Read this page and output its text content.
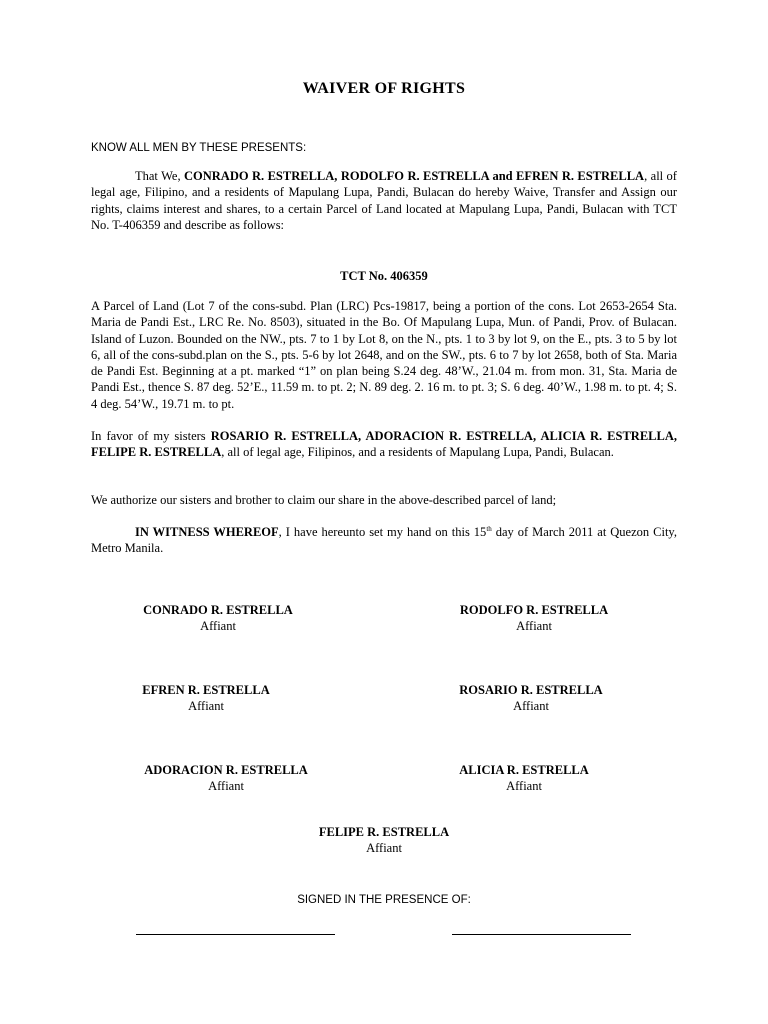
WAIVER OF RIGHTS
KNOW ALL MEN BY THESE PRESENTS:
That We, CONRADO R. ESTRELLA, RODOLFO R. ESTRELLA and EFREN R. ESTRELLA, all of legal age, Filipino, and a residents of Mapulang Lupa, Pandi, Bulacan do hereby Waive, Transfer and Assign our rights, claims interest and shares, to a certain Parcel of Land located at Mapulang Lupa, Pandi, Bulacan with TCT No. T-406359 and describe as follows:
TCT No. 406359
A Parcel of Land (Lot 7 of the cons-subd. Plan (LRC) Pcs-19817, being a portion of the cons. Lot 2653-2654 Sta. Maria de Pandi Est., LRC Re. No. 8503), situated in the Bo. Of Mapulang Lupa, Mun. of Pandi, Prov. of Bulacan. Island of Luzon. Bounded on the NW., pts. 7 to 1 by Lot 8, on the N., pts. 1 to 3 by lot 9, on the E., pts. 3 to 5 by lot 6, all of the cons-subd.plan on the S., pts. 5-6 by lot 2648, and on the SW., pts. 6 to 7 by lot 2658, both of Sta. Maria de Pandi Est. Beginning at a pt. marked “1” on plan being S.24 deg. 48’W., 21.04 m. from mon. 31, Sta. Maria de Pandi Est., thence S. 87 deg. 52’E., 11.59 m. to pt. 2; N. 89 deg. 2. 16 m. to pt. 3; S. 6 deg. 40’W., 1.98 m. to pt. 4; S. 4 deg. 54’W., 19.71 m. to pt.
In favor of my sisters ROSARIO R. ESTRELLA, ADORACION R. ESTRELLA, ALICIA R. ESTRELLA, FELIPE R. ESTRELLA, all of legal age, Filipinos, and a residents of Mapulang Lupa, Pandi, Bulacan.
We authorize our sisters and brother to claim our share in the above-described parcel of land;
IN WITNESS WHEREOF, I have hereunto set my hand on this 15th day of March 2011 at Quezon City, Metro Manila.
CONRADO R. ESTRELLA
Affiant
RODOLFO R. ESTRELLA
Affiant
EFREN R. ESTRELLA
Affiant
ROSARIO R. ESTRELLA
Affiant
ADORACION R. ESTRELLA
Affiant
ALICIA R. ESTRELLA
Affiant
FELIPE R. ESTRELLA
Affiant
SIGNED IN THE PRESENCE OF:
